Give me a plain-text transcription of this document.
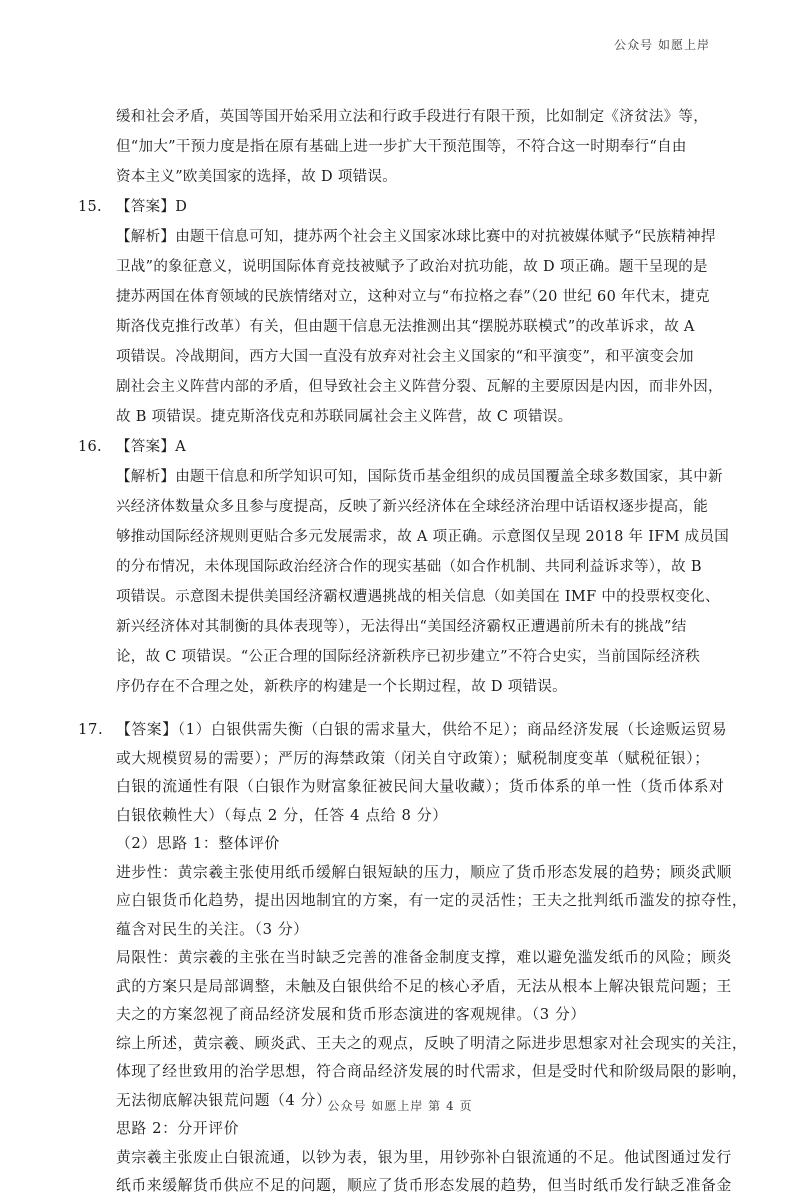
公众号 如愿上岸

缓和社会矛盾，英国等国开始采用立法和行政手段进行有限干预，比如制定《济贫法》等，

但“加大”干预力度是指在原有基础上进一步扩大干预范围等，不符合这一时期奉行“自由

资本主义”欧美国家的选择，故 D 项错误。

15. 【答案】D

【解析】由题干信息可知，捷苏两个社会主义国家冰球比赛中的对抗被媒体赋予“民族精神捍

卫战”的象征意义，说明国际体育竞技被赋予了政治对抗功能，故 D 项正确。题干呈现的是

捷苏两国在体育领域的民族情绪对立，这种对立与“布拉格之春”（20 世纪 60 年代末，捷克

斯洛伐克推行改革）有关，但由题干信息无法推测出其“摆脱苏联模式”的改革诉求，故 A

项错误。冷战期间，西方大国一直没有放弃对社会主义国家的“和平演变”，和平演变会加

剧社会主义阵营内部的矛盾，但导致社会主义阵营分裂、瓦解的主要原因是内因，而非外因，

故 B 项错误。捷克斯洛伐克和苏联同属社会主义阵营，故 C 项错误。

16. 【答案】A

【解析】由题干信息和所学知识可知，国际货币基金组织的成员国覆盖全球多数国家，其中新

兴经济体数量众多且参与度提高，反映了新兴经济体在全球经济治理中话语权逐步提高，能

够推动国际经济规则更贴合多元发展需求，故 A 项正确。示意图仅呈现 2018 年 IFM 成员国

的分布情况，未体现国际政治经济合作的现实基础（如合作机制、共同利益诉求等），故 B

项错误。示意图未提供美国经济霸权遭遇挑战的相关信息（如美国在 IMF 中的投票权变化、

新兴经济体对其制衡的具体表现等），无法得出“美国经济霸权正遭遇前所未有的挑战”结

论，故 C 项错误。“公正合理的国际经济新秩序已初步建立”不符合史实，当前国际经济秩

序仍存在不合理之处，新秩序的构建是一个长期过程，故 D 项错误。

17. 【答案】（1）白银供需失衡（白银的需求量大，供给不足）；商品经济发展（长途贩运贸易

或大规模贸易的需要）；严厉的海禁政策（闭关自守政策）；赋税制度变革（赋税征银）；

白银的流通性有限（白银作为财富象征被民间大量收藏）；货币体系的单一性（货币体系对

白银依赖性大）（每点 2 分，任答 4 点给 8 分）

（2）思路 1：整体评价

进步性：黄宗羲主张使用纸币缓解白银短缺的压力，顺应了货币形态发展的趋势；顾炎武顺

应白银货币化趋势，提出因地制宜的方案，有一定的灵活性；王夫之批判纸币滥发的掠夺性，

蕴含对民生的关注。（3 分）

局限性：黄宗羲的主张在当时缺乏完善的准备金制度支撑，难以避免滥发纸币的风险；顾炎

武的方案只是局部调整，未触及白银供给不足的核心矛盾，无法从根本上解决银荒问题；王

夫之的方案忽视了商品经济发展和货币形态演进的客观规律。（3 分）

综上所述，黄宗羲、顾炎武、王夫之的观点，反映了明清之际进步思想家对社会现实的关注，

体现了经世致用的治学思想，符合商品经济发展的时代需求，但是受时代和阶级局限的影响，

无法彻底解决银荒问题（4 分）

思路 2：分开评价

黄宗羲主张废止白银流通，以钞为表，银为里，用钞弥补白银流通的不足。他试图通过发行

纸币来缓解货币供应不足的问题，顺应了货币形态发展的趋势，但当时纸币发行缺乏准备金

公众号 如愿上岸 第 4 页
